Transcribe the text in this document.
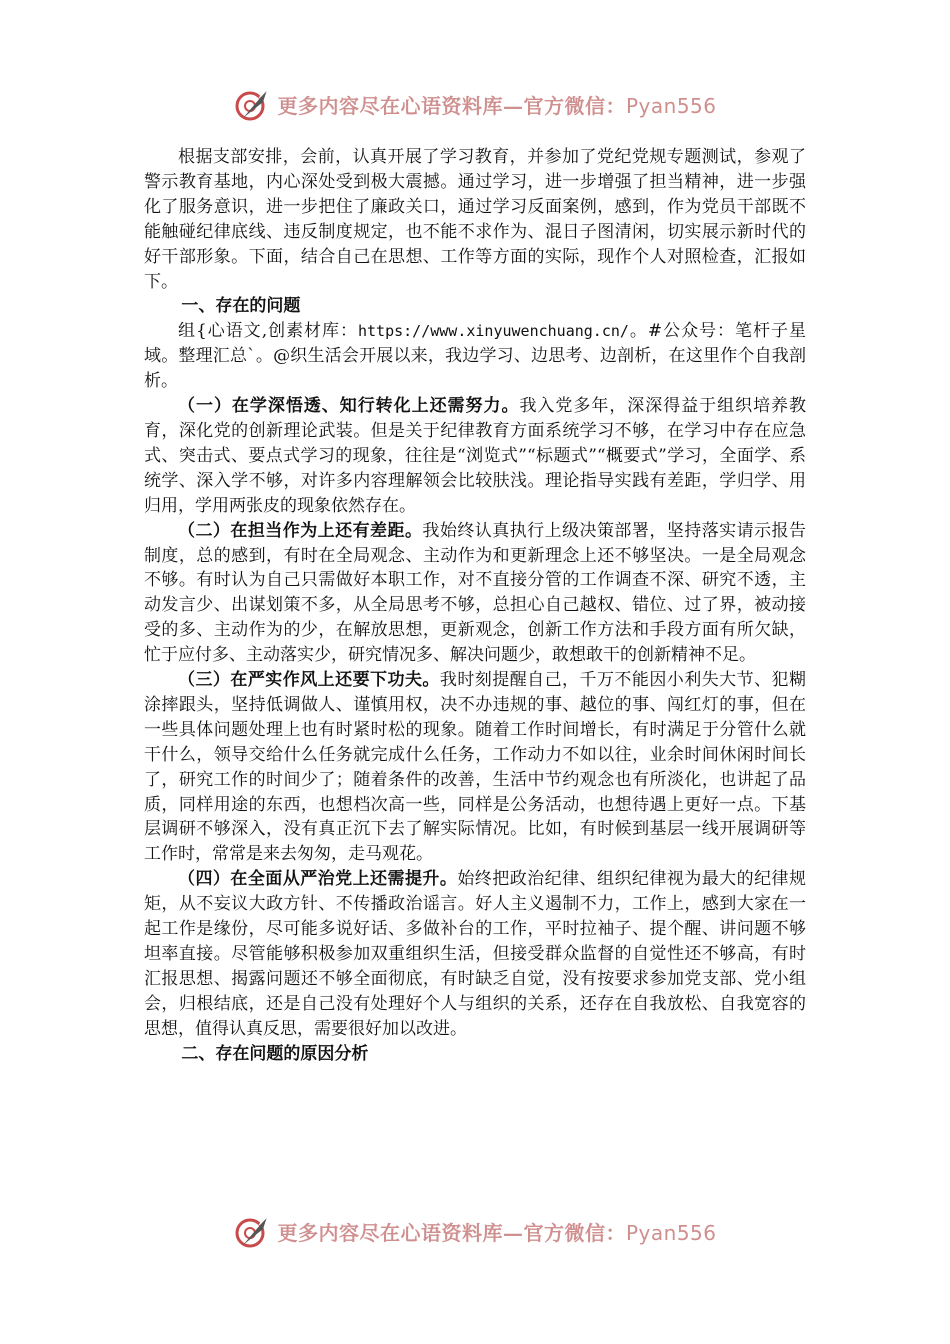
更多内容尽在心语资料库—官方微信：Pyan556

根据支部安排，会前，认真开展了学习教育，并参加了党纪党规专题测试，参观了警示教育基地，内心深处受到极大震撼。通过学习，进一步增强了担当精神，进一步强化了服务意识，进一步把住了廉政关口，通过学习反面案例，感到，作为党员干部既不能触碰纪律底线、违反制度规定，也不能不求作为、混日子图清闲，切实展示新时代的好干部形象。下面，结合自己在思想、工作等方面的实际，现作个人对照检查，汇报如下。

一、存在的问题

组{心语文,创素材库：https://www.xinyuwenchuang.cn/。#公众号：笔杆子星域。整理汇总`。@织生活会开展以来，我边学习、边思考、边剖析，在这里作个自我剖析。

（一）在学深悟透、知行转化上还需努力。我入党多年，深深得益于组织培养教育，深化党的创新理论武装。但是关于纪律教育方面系统学习不够，在学习中存在应急式、突击式、要点式学习的现象，往往是“浏览式”“标题式”“概要式”学习，全面学、系统学、深入学不够，对许多内容理解领会比较肤浅。理论指导实践有差距，学归学、用归用，学用两张皮的现象依然存在。

（二）在担当作为上还有差距。我始终认真执行上级决策部署，坚持落实请示报告制度，总的感到，有时在全局观念、主动作为和更新理念上还不够坚决。一是全局观念不够。有时认为自己只需做好本职工作，对不直接分管的工作调查不深、研究不透，主动发言少、出谋划策不多，从全局思考不够，总担心自己越权、错位、过了界，被动接受的多、主动作为的少，在解放思想，更新观念，创新工作方法和手段方面有所欠缺，忙于应付多、主动落实少，研究情况多、解决问题少，敢想敢干的创新精神不足。

（三）在严实作风上还要下功夫。我时刻提醒自己，千万不能因小利失大节、犯糊涂摔跟头，坚持低调做人、谨慎用权，决不办违规的事、越位的事、闯红灯的事，但在一些具体问题处理上也有时紧时松的现象。随着工作时间增长，有时满足于分管什么就干什么，领导交给什么任务就完成什么任务，工作动力不如以往，业余时间休闲时间长了，研究工作的时间少了；随着条件的改善，生活中节约观念也有所淡化，也讲起了品质，同样用途的东西，也想档次高一些，同样是公务活动，也想待遇上更好一点。下基层调研不够深入，没有真正沉下去了解实际情况。比如，有时候到基层一线开展调研等工作时，常常是来去匆匆，走马观花。

（四）在全面从严治党上还需提升。始终把政治纪律、组织纪律视为最大的纪律规矩，从不妄议大政方针、不传播政治谣言。好人主义遏制不力，工作上，感到大家在一起工作是缘份，尽可能多说好话、多做补台的工作，平时拉袖子、提个醒、讲问题不够坦率直接。尽管能够积极参加双重组织生活，但接受群众监督的自觉性还不够高，有时汇报思想、揭露问题还不够全面彻底，有时缺乏自觉，没有按要求参加党支部、党小组会，归根结底，还是自己没有处理好个人与组织的关系，还存在自我放松、自我宽容的思想，值得认真反思，需要很好加以改进。

二、存在问题的原因分析

更多内容尽在心语资料库—官方微信：Pyan556
